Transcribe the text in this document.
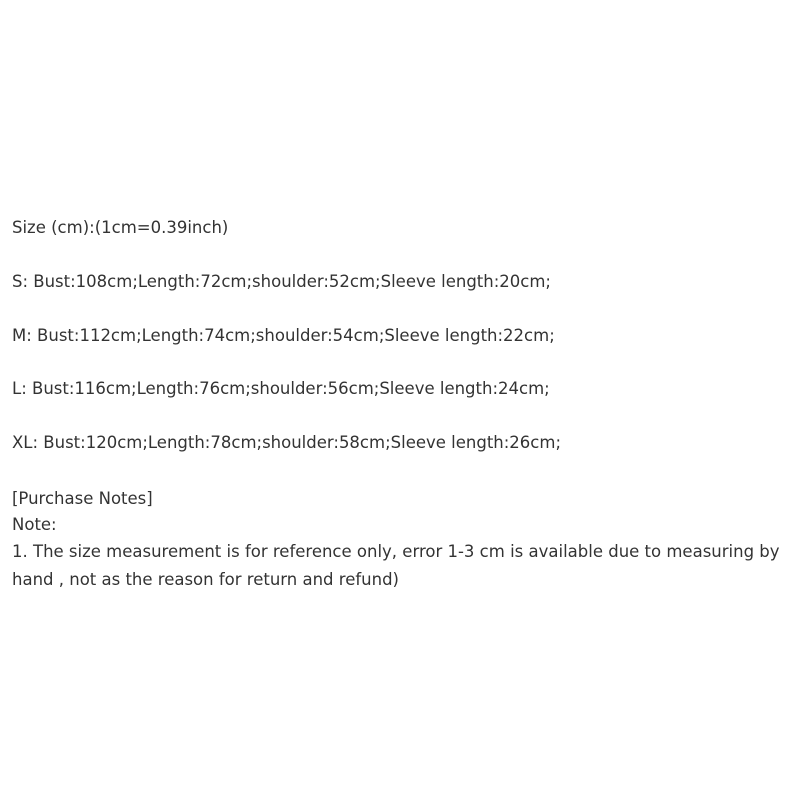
Size (cm):(1cm=0.39inch)
S: Bust:108cm;Length:72cm;shoulder:52cm;Sleeve length:20cm;
M: Bust:112cm;Length:74cm;shoulder:54cm;Sleeve length:22cm;
L: Bust:116cm;Length:76cm;shoulder:56cm;Sleeve length:24cm;
XL: Bust:120cm;Length:78cm;shoulder:58cm;Sleeve length:26cm;
[Purchase Notes]
Note:
1. The size measurement is for reference only, error 1-3 cm is available due to measuring by hand , not as the reason for return and refund)
